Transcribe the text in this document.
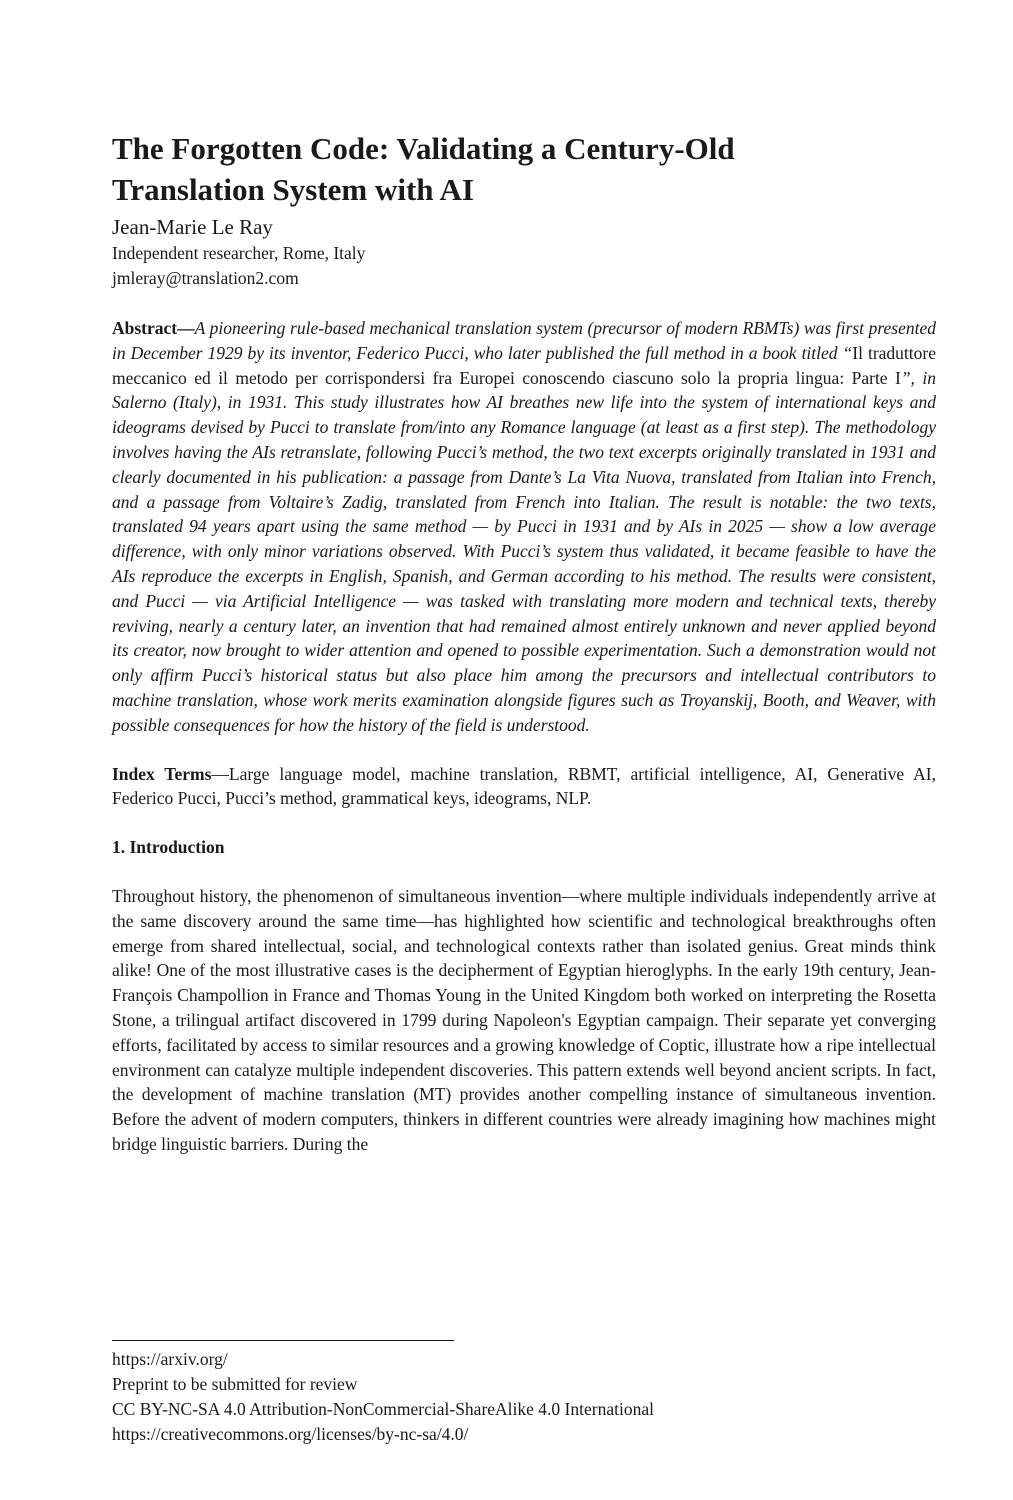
The Forgotten Code: Validating a Century-Old
Translation System with AI
Jean-Marie Le Ray
Independent researcher, Rome, Italy
jmleray@translation2.com
Abstract—A pioneering rule-based mechanical translation system (precursor of modern RBMTs) was first presented in December 1929 by its inventor, Federico Pucci, who later published the full method in a book titled “Il traduttore meccanico ed il metodo per corrispondersi fra Europei conoscendo ciascuno solo la propria lingua: Parte I”, in Salerno (Italy), in 1931. This study illustrates how AI breathes new life into the system of international keys and ideograms devised by Pucci to translate from/into any Romance language (at least as a first step). The methodology involves having the AIs retranslate, following Pucci’s method, the two text excerpts originally translated in 1931 and clearly documented in his publication: a passage from Dante’s La Vita Nuova, translated from Italian into French, and a passage from Voltaire’s Zadig, translated from French into Italian. The result is notable: the two texts, translated 94 years apart using the same method — by Pucci in 1931 and by AIs in 2025 — show a low average difference, with only minor variations observed. With Pucci’s system thus validated, it became feasible to have the AIs reproduce the excerpts in English, Spanish, and German according to his method. The results were consistent, and Pucci — via Artificial Intelligence — was tasked with translating more modern and technical texts, thereby reviving, nearly a century later, an invention that had remained almost entirely unknown and never applied beyond its creator, now brought to wider attention and opened to possible experimentation. Such a demonstration would not only affirm Pucci’s historical status but also place him among the precursors and intellectual contributors to machine translation, whose work merits examination alongside figures such as Troyanskij, Booth, and Weaver, with possible consequences for how the history of the field is understood.
Index Terms—Large language model, machine translation, RBMT, artificial intelligence, AI, Generative AI, Federico Pucci, Pucci’s method, grammatical keys, ideograms, NLP.
1. Introduction
Throughout history, the phenomenon of simultaneous invention—where multiple individuals independently arrive at the same discovery around the same time—has highlighted how scientific and technological breakthroughs often emerge from shared intellectual, social, and technological contexts rather than isolated genius. Great minds think alike! One of the most illustrative cases is the decipherment of Egyptian hieroglyphs. In the early 19th century, Jean-François Champollion in France and Thomas Young in the United Kingdom both worked on interpreting the Rosetta Stone, a trilingual artifact discovered in 1799 during Napoleon's Egyptian campaign. Their separate yet converging efforts, facilitated by access to similar resources and a growing knowledge of Coptic, illustrate how a ripe intellectual environment can catalyze multiple independent discoveries. This pattern extends well beyond ancient scripts. In fact, the development of machine translation (MT) provides another compelling instance of simultaneous invention. Before the advent of modern computers, thinkers in different countries were already imagining how machines might bridge linguistic barriers. During the
https://arxiv.org/
Preprint to be submitted for review
CC BY-NC-SA 4.0 Attribution-NonCommercial-ShareAlike 4.0 International
https://creativecommons.org/licenses/by-nc-sa/4.0/
